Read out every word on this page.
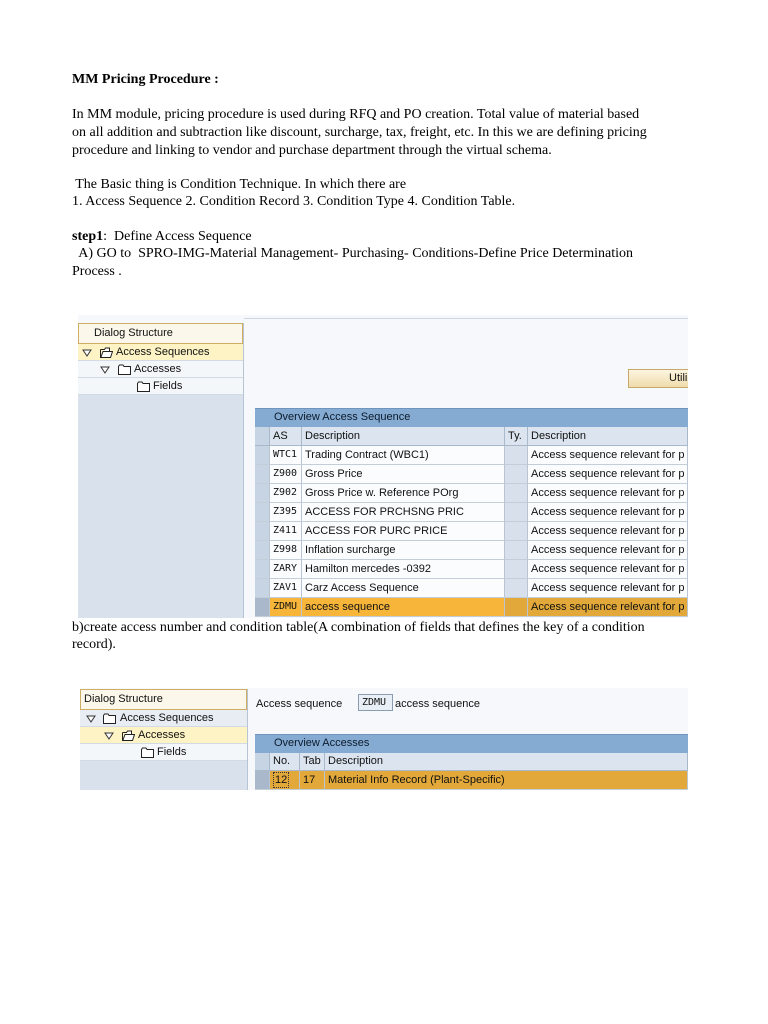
MM Pricing Procedure :
In MM module, pricing procedure is used during RFQ and PO creation. Total value of material based
on all addition and subtraction like discount, surcharge, tax, freight, etc. In this we are defining pricing
procedure and linking to vendor and purchase department through the virtual schema.
The Basic thing is Condition Technique. In which there are
1. Access Sequence 2. Condition Record 3. Condition Type 4. Condition Table.
step1:  Define Access Sequence
A) GO to  SPRO-IMG-Material Management- Purchasing- Conditions-Define Price Determination
Process .
Dialog Structure
Access Sequences
Accesses
Fields
Utili
Overview Access Sequence
AS	Description	Ty. Description
WTC1 Trading Contract (WBC1)	Access sequence relevant for p
Z900 Gross Price	Access sequence relevant for p
Z902 Gross Price w. Reference POrg	Access sequence relevant for p
Z395 ACCESS FOR PRCHSNG PRIC	Access sequence relevant for p
Z411 ACCESS FOR PURC PRICE	Access sequence relevant for p
Z998 Inflation surcharge	Access sequence relevant for p
ZARY Hamilton mercedes -0392	Access sequence relevant for p
ZAV1 Carz Access Sequence	Access sequence relevant for p
ZDMU access sequence	Access sequence relevant for p
b)create access number and condition table(A combination of fields that defines the key of a condition
record).
Dialog Structure
Access Sequences
Accesses
Fields
Access sequence	ZDMU access sequence
Overview Accesses
No.	Tab Description
12	17	Material Info Record (Plant-Specific)
